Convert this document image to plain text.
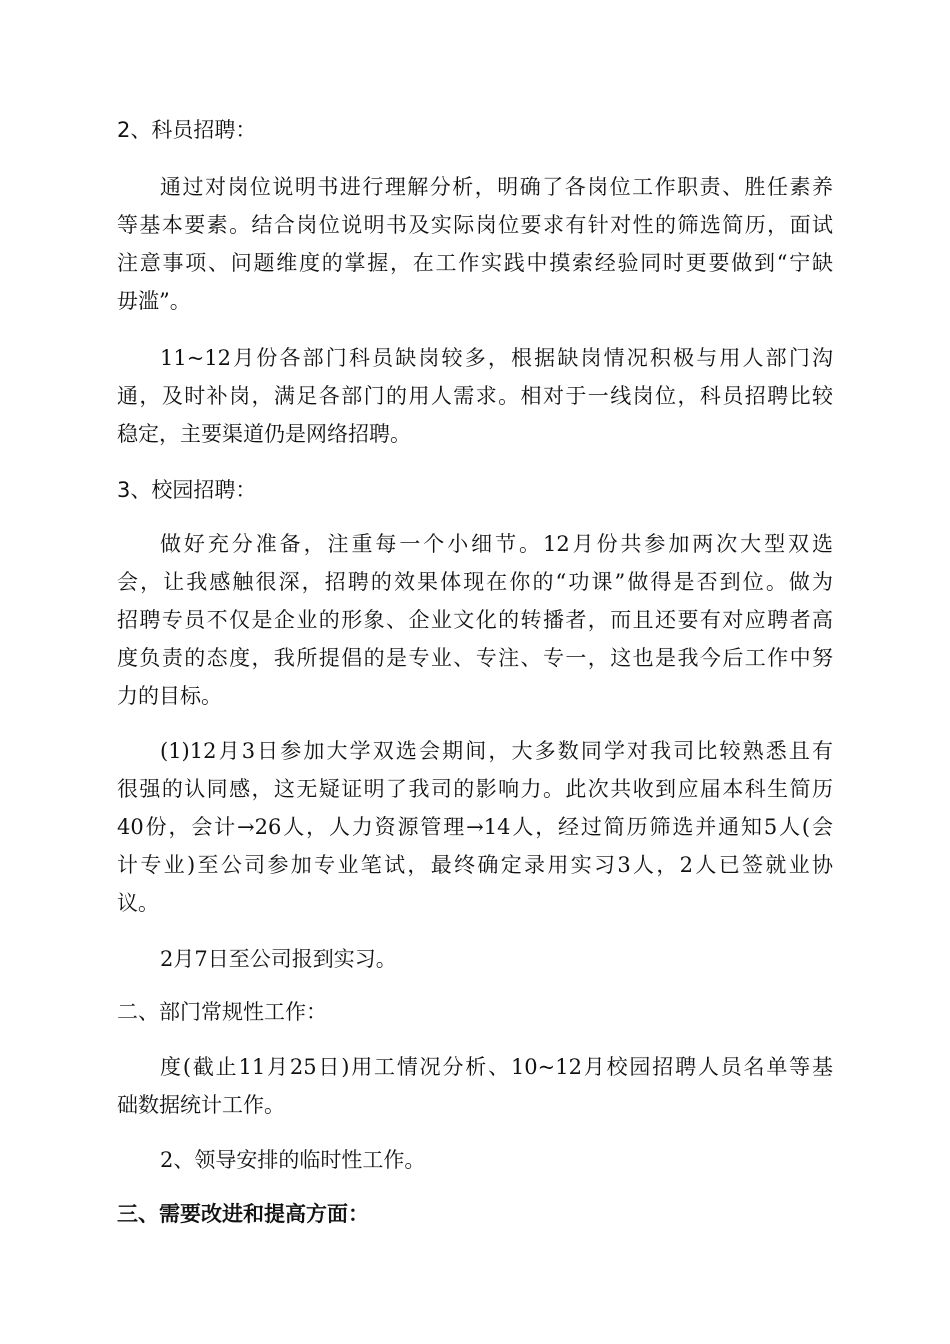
2、科员招聘：

通过对岗位说明书进行理解分析，明确了各岗位工作职责、胜任素养

等基本要素。结合岗位说明书及实际岗位要求有针对性的筛选简历，面试

注意事项、问题维度的掌握，在工作实践中摸索经验同时更要做到“宁缺

毋滥”。

11~12月份各部门科员缺岗较多，根据缺岗情况积极与用人部门沟

通，及时补岗，满足各部门的用人需求。相对于一线岗位，科员招聘比较

稳定，主要渠道仍是网络招聘。

3、校园招聘：

做好充分准备，注重每一个小细节。12月份共参加两次大型双选

会，让我感触很深，招聘的效果体现在你的“功课”做得是否到位。做为

招聘专员不仅是企业的形象、企业文化的转播者，而且还要有对应聘者高

度负责的态度，我所提倡的是专业、专注、专一，这也是我今后工作中努

力的目标。

(1)12月3日参加大学双选会期间，大多数同学对我司比较熟悉且有

很强的认同感，这无疑证明了我司的影响力。此次共收到应届本科生简历

40份，会计→26人，人力资源管理→14人，经过简历筛选并通知5人(会

计专业)至公司参加专业笔试，最终确定录用实习3人，2人已签就业协

议。

2月7日至公司报到实习。

二、部门常规性工作：

度(截止11月25日)用工情况分析、10~12月校园招聘人员名单等基

础数据统计工作。

2、领导安排的临时性工作。

三、需要改进和提高方面：
